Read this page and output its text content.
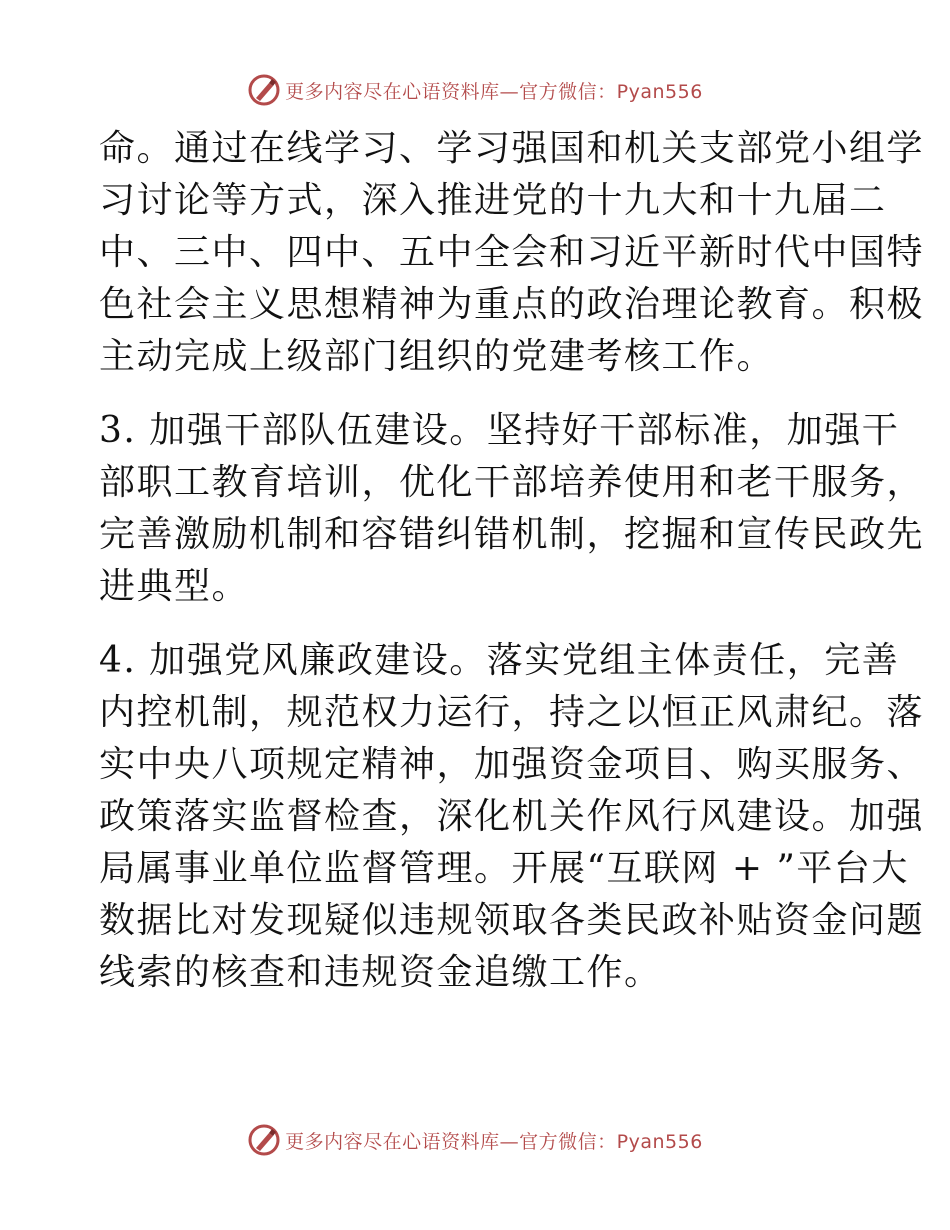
更多内容尽在心语资料库—官方微信：Pyan556
命。通过在线学习、学习强国和机关支部党小组学
习讨论等方式，深入推进党的十九大和十九届二
中、三中、四中、五中全会和习近平新时代中国特
色社会主义思想精神为重点的政治理论教育。积极
主动完成上级部门组织的党建考核工作。
3. 加强干部队伍建设。坚持好干部标准，加强干
部职工教育培训，优化干部培养使用和老干服务，
完善激励机制和容错纠错机制，挖掘和宣传民政先
进典型。
4. 加强党风廉政建设。落实党组主体责任，完善
内控机制，规范权力运行，持之以恒正风肃纪。落
实中央八项规定精神，加强资金项目、购买服务、
政策落实监督检查，深化机关作风行风建设。加强
局属事业单位监督管理。开展“互联网 + ”平台大
数据比对发现疑似违规领取各类民政补贴资金问题
线索的核查和违规资金追缴工作。
更多内容尽在心语资料库—官方微信：Pyan556
